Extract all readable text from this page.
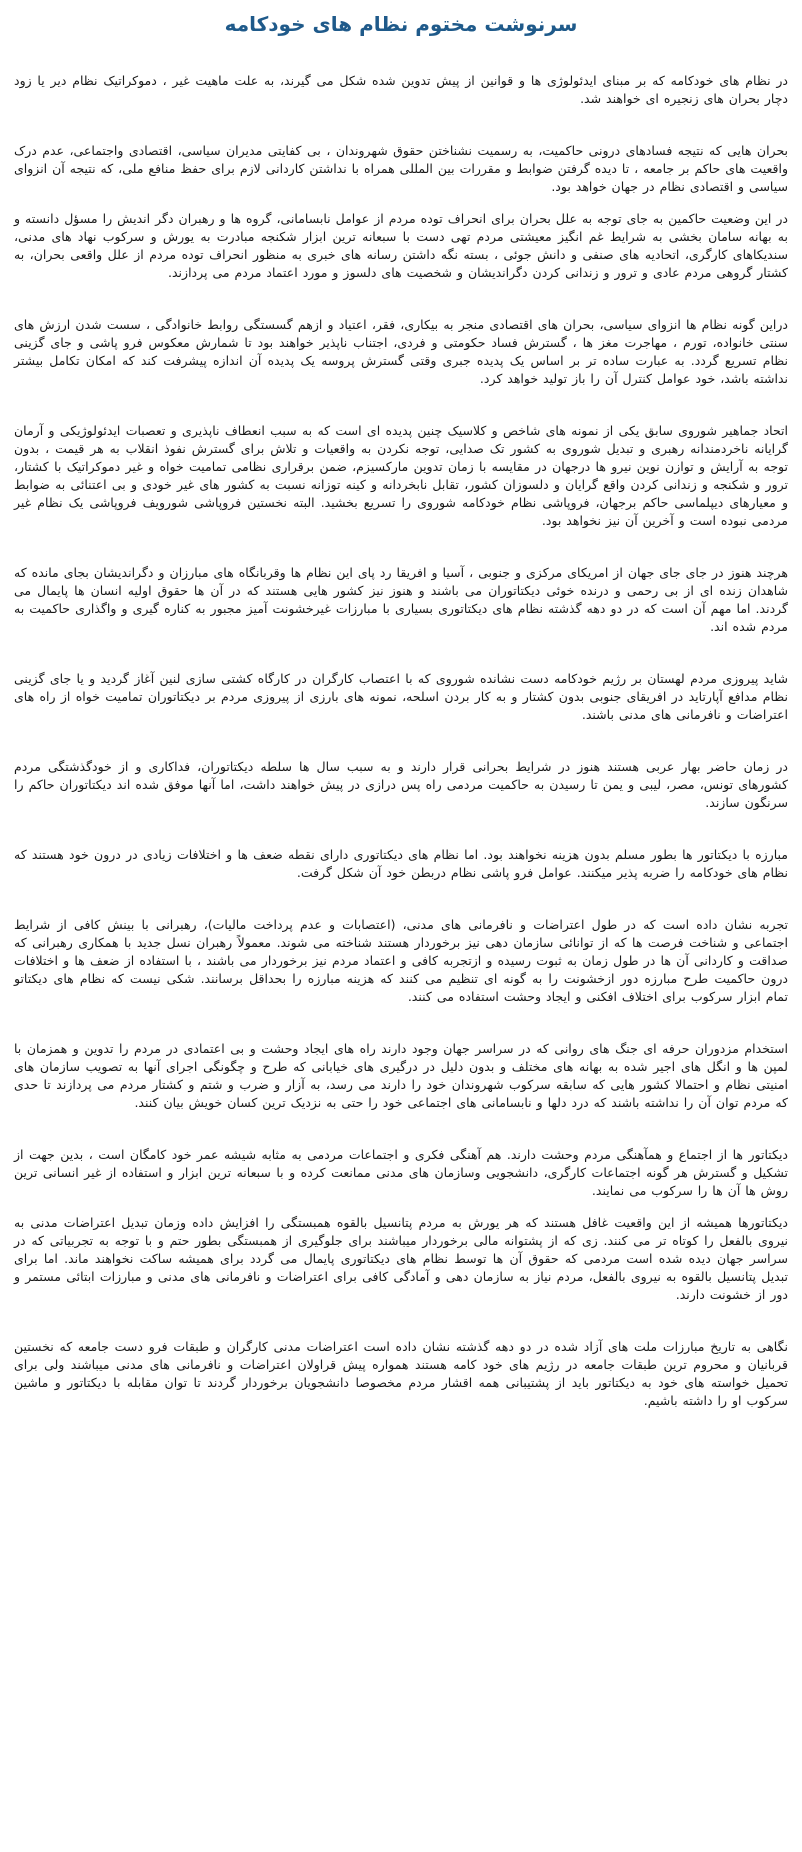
سرنوشت مختوم نظام های خودکامه

در نظام های خودکامه که بر مبنای ایدئولوژی ها و قوانین از پیش تدوین شده شکل می گیرند، به علت ماهیت غیر ، دموکراتیک نظام دیر یا زود دچار بحران های زنجیره ای خواهند شد.

بحران هایی که نتیجه فسادهای درونی حاکمیت، به رسمیت نشناختن حقوق شهروندان ، بی کفایتی مدیران سیاسی، اقتصادی واجتماعی، عدم درک واقعیت های حاکم بر جامعه ، تا دیده گرفتن ضوابط و مقررات بین المللی همراه با نداشتن کاردانی لازم برای حفظ منافع ملی، که نتیجه آن انزوای سیاسی و اقتصادی نظام در جهان خواهد بود.

در این وضعیت حاکمین به جای توجه به علل بحران برای انحراف توده مردم از عوامل نابسامانی، گروه ها و رهبران دگر اندیش را مسؤل دانسته و به بهانه سامان بخشی به شرایط غم انگیز معیشتی مردم تهی دست با سبعانه ترین ابزار شکنجه مبادرت به یورش و سرکوب نهاد های مدنی، سندیکاهای کارگری، اتحادیه های صنفی و دانش جوئی ، بسته نگه داشتن رسانه های خبری به منظور انحراف توده مردم از علل واقعی بحران، به کشتار گروهی مردم عادی و ترور و زندانی کردن دگراندیشان و شخصیت های دلسوز و مورد اعتماد مردم می پردازند.

دراین گونه نظام ها انزوای سیاسی، بحران های اقتصادی منجر به بیکاری، فقر، اعتیاد و ازهم گسستگی روابط خانوادگی ، سست شدن ارزش های سنتی خانواده، تورم ، مهاجرت مغز ها ، گسترش فساد حکومتی و فردی، اجتناب ناپذیر خواهند بود تا شمارش معکوس فرو پاشی و جای گزینی نظام تسریع گردد. به عبارت ساده تر بر اساس یک پدیده جبری وقتی گسترش پروسه یک پدیده آن اندازه پیشرفت کند که امکان تکامل بیشتر نداشته باشد، خود عوامل کنترل آن را باز تولید خواهد کرد.

اتحاد جماهیر شوروی سابق یکی از نمونه های شاخص و کلاسیک چنین پدیده ای است که به سبب انعطاف ناپذیری و تعصبات ایدئولوژیکی و آرمان گرایانه ناخردمندانه رهبری و تبدیل شوروی به کشور تک صدایی، توجه نکردن به واقعیات و تلاش برای گسترش نفوذ انقلاب به هر قیمت ، بدون توجه به آرایش و توازن نوین نیرو ها درجهان در مقایسه با زمان تدوین مارکسیزم، ضمن برقراری نظامی تمامیت خواه و غیر دموکراتیک با کشتار، ترور و شکنجه و زندانی کردن واقع گرایان و دلسوزان کشور، تقابل نابخردانه و کینه توزانه نسبت به کشور های غیر خودی و بی اعتنائی به ضوابط و معیارهای دیپلماسی حاکم برجهان، فروپاشی نظام خودکامه شوروی را تسریع بخشید. البته نخستین فروپاشی شورویف فروپاشی یک نظام غیر مردمی نبوده است و آخرین آن نیز نخواهد بود.

هرچند هنوز در جای جای جهان از امریکای مرکزی و جنوبی ، آسیا و افریقا رد پای این نظام ها وقربانگاه های مبارزان و دگراندیشان بجای مانده که شاهدان زنده ای از بی رحمی و درنده خوئی دیکتاتوران می باشند و هنوز نیز کشور هایی هستند که در آن ها حقوق اولیه انسان ها پایمال می گردند. اما مهم آن است که در دو دهه گذشته نظام های دیکتاتوری بسیاری با مبارزات غیرخشونت آمیز مجبور به کناره گیری و واگذاری حاکمیت به مردم شده اند.

شاید پیروزی مردم لهستان بر رژیم خودکامه دست نشانده شوروی که با اعتصاب کارگران در کارگاه کشتی سازی لنین آغاز گردید و یا جای گزینی نظام مدافع آپارتاید در افریقای جنوبی بدون کشتار و به کار بردن اسلحه، نمونه های بارزی از پیروزی مردم بر دیکتاتوران تمامیت خواه از راه های اعتراضات و نافرمانی های مدنی باشند.

در زمان حاضر بهار عربی هستند هنوز در شرایط بحرانی قرار دارند و به سبب سال ها سلطه دیکتاتوران، فداکاری و از خودگذشتگی مردم کشورهای تونس، مصر، لیبی و یمن تا رسیدن به حاکمیت مردمی راه پس درازی در پیش خواهند داشت، اما آنها موفق شده اند دیکتاتوران حاکم را سرنگون سازند.

مبارزه با دیکتاتور ها بطور مسلم بدون هزینه نخواهند بود. اما نظام های دیکتاتوری دارای نقطه ضعف ها و اختلافات زیادی در درون خود هستند که نظام های خودکامه را ضربه پذیر میکنند. عوامل فرو پاشی نظام دربطن خود آن شکل گرفت.

تجربه نشان داده است که در طول اعتراضات و نافرمانی های مدنی، (اعتصابات و عدم پرداخت مالیات)، رهبرانی با بینش کافی از شرایط اجتماعی و شناخت فرصت ها که از توانائی سازمان دهی نیز برخوردار هستند شناخته می شوند. معمولاً رهبران نسل جدید با همکاری رهبرانی که صداقت و کاردانی آن ها در طول زمان به ثبوت رسیده و ازتجربه کافی و اعتماد مردم نیز برخوردار می باشند ، با استفاده از ضعف ها و اختلافات درون حاکمیت طرح مبارزه دور ازخشونت را به گونه ای تنظیم می کنند که هزینه مبارزه را بحداقل برسانند. شکی نیست که نظام های دیکتاتو تمام ابزار سرکوب برای اختلاف افکنی و ایجاد وحشت استفاده می کنند.

استخدام مزدوران حرفه ای جنگ های روانی که در سراسر جهان وجود دارند راه های ایجاد وحشت و بی اعتمادی در مردم را تدوین و همزمان با لمپن ها و انگل های اجیر شده به بهانه های مختلف و بدون دلیل در درگیری های خیابانی که طرح و چگونگی اجرای آنها به تصویب سازمان های امنیتی نظام و احتمالا کشور هایی که سابقه سرکوب شهروندان خود را دارند می رسد، به آزار و ضرب و شتم و کشتار مردم می پردازند تا حدی که مردم توان آن را نداشته باشند که درد دلها و نابسامانی های اجتماعی خود را حتی به نزدیک ترین کسان خویش بیان کنند.

دیکتاتور ها از اجتماع و همآهنگی مردم وحشت دارند. هم آهنگی فکری و اجتماعات مردمی به مثابه شیشه عمر خود کامگان است ، بدین جهت از تشکیل و گسترش هر گونه اجتماعات کارگری، دانشجویی وسازمان های مدنی ممانعت کرده و با سبعانه ترین ابزار و استفاده از غیر انسانی ترین روش ها آن ها را سرکوب می نمایند.

دیکتاتورها همیشه از این واقعیت غافل هستند که هر یورش به مردم پتانسیل بالقوه همبستگی را افزایش داده وزمان تبدیل اعتراضات مدنی به نیروی بالفعل را کوتاه تر می کنند. زی که از پشتوانه مالی برخوردار میباشند برای جلوگیری از همبستگی بطور حتم و با توجه به تجربیاتی که در سراسر جهان دیده شده است مردمی که حقوق آن ها توسط نظام های دیکتاتوری پایمال می گردد برای همیشه ساکت نخواهند ماند. اما برای تبدیل پتانسیل بالقوه به نیروی بالفعل، مردم نیاز به سازمان دهی و آمادگی کافی برای اعتراضات و نافرمانی های مدنی و مبارزات ابتائی مستمر و دور از خشونت دارند.

نگاهی به تاریخ مبارزات ملت های آزاد شده در دو دهه گذشته نشان داده است اعتراضات مدنی کارگران و طبقات فرو دست جامعه که نخستین قربانیان و محروم ترین طبقات جامعه در رژیم های خود کامه هستند همواره پیش قراولان اعتراضات و نافرمانی های مدنی میباشند ولی برای تحمیل خواسته های خود به دیکتاتور باید از پشتیبانی همه اقشار مردم مخصوصا دانشجویان برخوردار گردند تا توان مقابله با دیکتاتور و ماشین سرکوب او را داشته باشیم.
